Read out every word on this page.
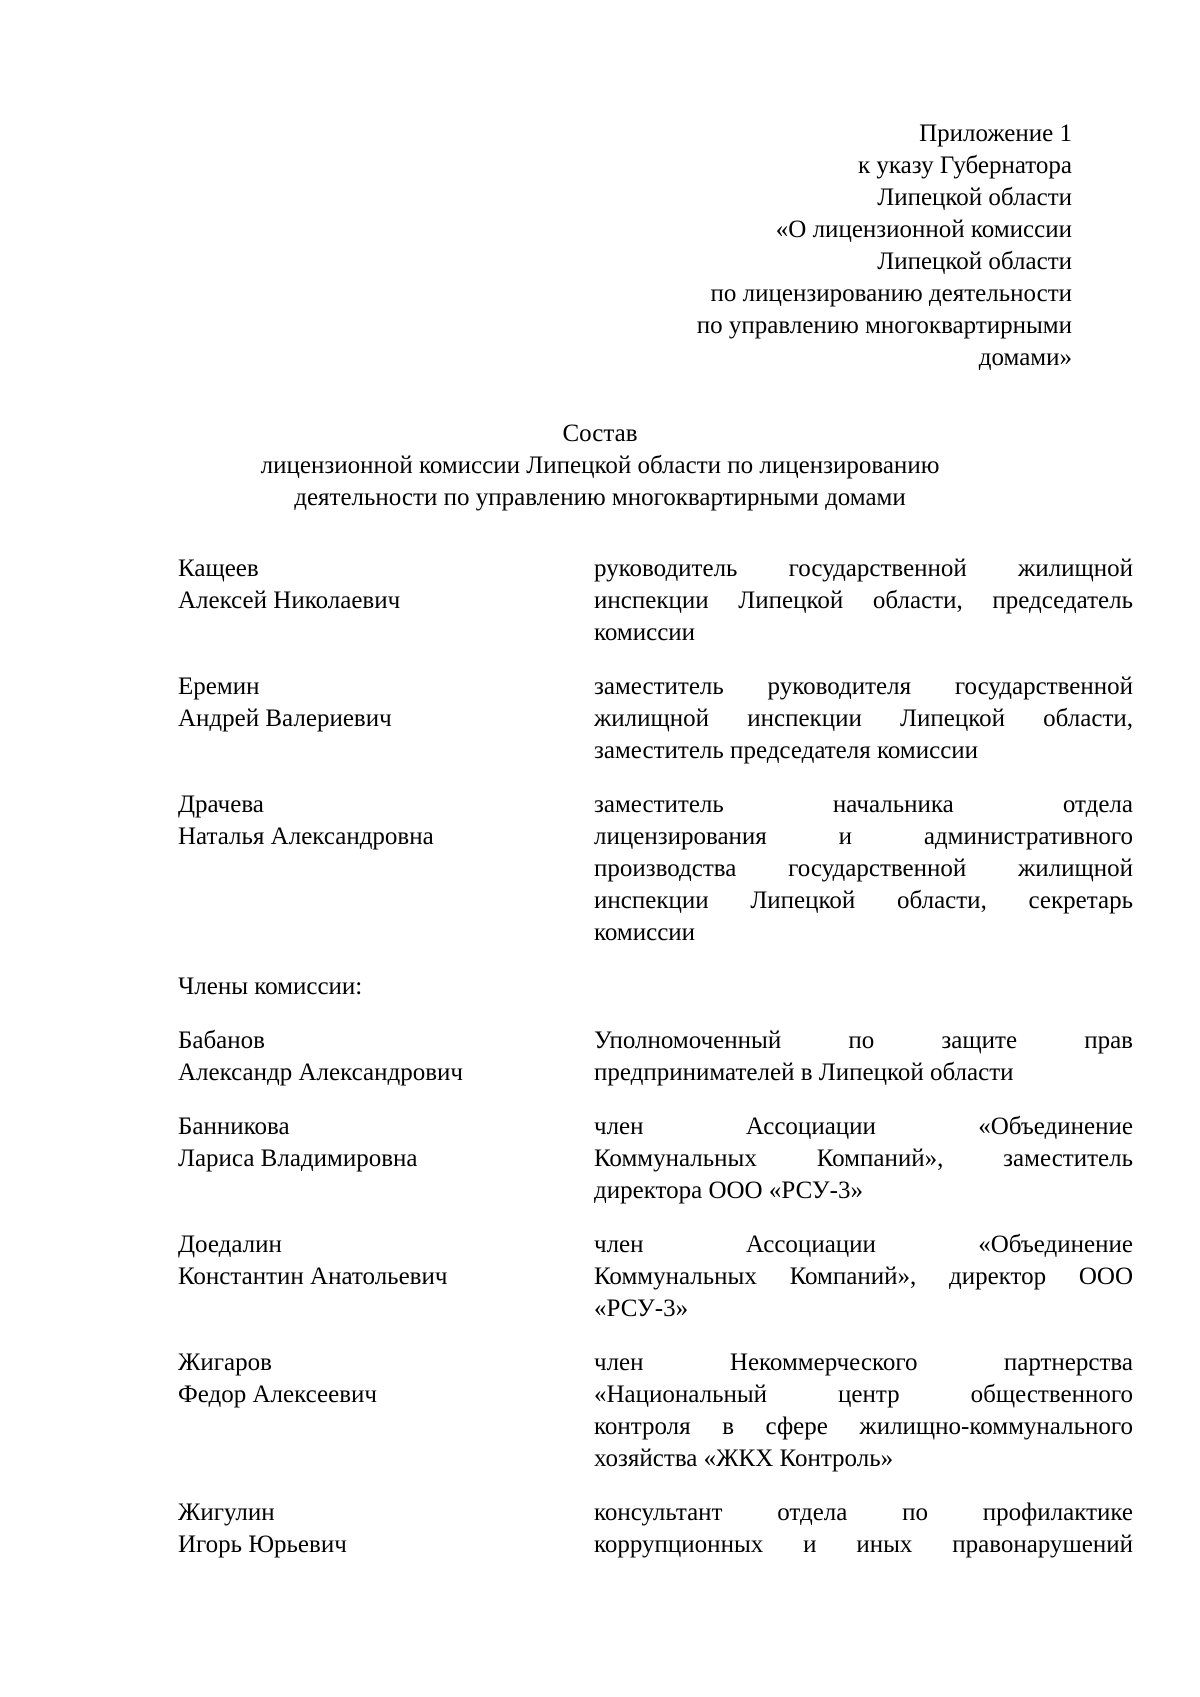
Приложение 1
к указу Губернатора
Липецкой области
«О лицензионной комиссии
Липецкой области
по лицензированию деятельности
по управлению многоквартирными
домами»
Состав
лицензионной комиссии Липецкой области по лицензированию
деятельности по управлению многоквартирными домами
Кащеев
Алексей Николаевич
руководитель государственной жилищной
инспекции Липецкой области, председатель
комиссии
Еремин
Андрей Валериевич
заместитель руководителя государственной
жилищной инспекции Липецкой области,
заместитель председателя комиссии
Драчева
Наталья Александровна
заместитель начальника отдела
лицензирования и административного
производства государственной жилищной
инспекции Липецкой области, секретарь
комиссии
Члены комиссии:
Бабанов
Александр Александрович
Уполномоченный по защите прав
предпринимателей в Липецкой области
Банникова
Лариса Владимировна
член Ассоциации «Объединение
Коммунальных Компаний», заместитель
директора ООО «РСУ-3»
Доедалин
Константин Анатольевич
член Ассоциации «Объединение
Коммунальных Компаний», директор ООО
«РСУ-3»
Жигаров
Федор Алексеевич
член Некоммерческого партнерства
«Национальный центр общественного
контроля в сфере жилищно-коммунального
хозяйства «ЖКХ Контроль»
Жигулин
Игорь Юрьевич
консультант отдела по профилактике
коррупционных и иных правонарушений
